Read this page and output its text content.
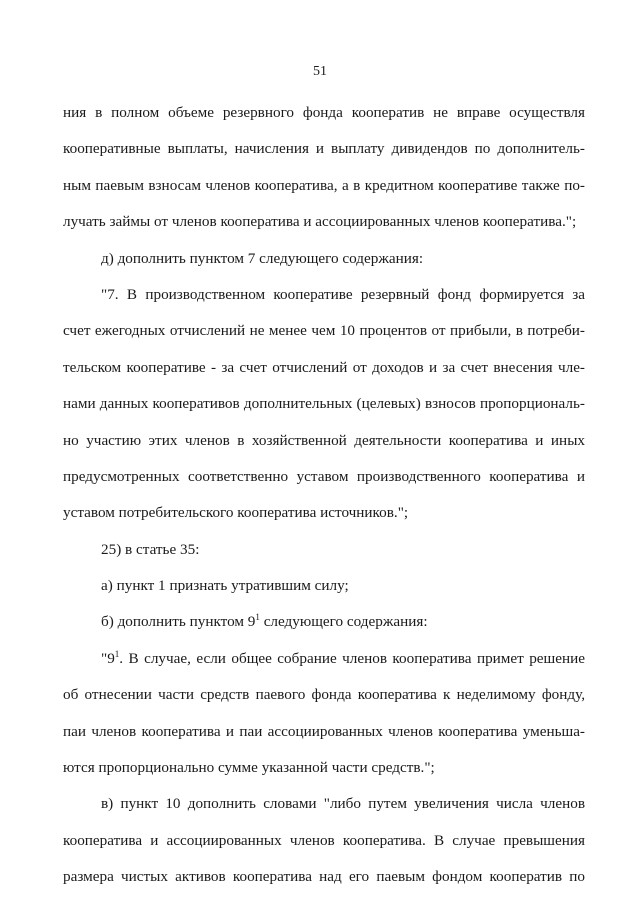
51
ния в полном объеме резервного фонда кооператив не вправе осуществля
кооперативные выплаты, начисления и выплату дивидендов по дополнитель-
ным паевым взносам членов кооператива, а в кредитном кооперативе также по-
лучать займы от членов кооператива и ассоциированных членов кооператива.";
д) дополнить пунктом 7 следующего содержания:
"7. В производственном кооперативе резервный фонд формируется за
счет ежегодных отчислений не менее чем 10 процентов от прибыли, в потреби-
тельском кооперативе - за счет отчислений от доходов и за счет внесения чле-
нами данных кооперативов дополнительных (целевых) взносов пропорциональ-
но участию этих членов в хозяйственной деятельности кооператива и иных
предусмотренных соответственно уставом производственного кооператива и
уставом потребительского кооператива источников.";
25) в статье 35:
а) пункт 1 признать утратившим силу;
б) дополнить пунктом $9^1$ следующего содержания:
"$9^1$. В случае, если общее собрание членов кооператива примет решение
об отнесении части средств паевого фонда кооператива к неделимому фонду,
паи членов кооператива и паи ассоциированных членов кооператива уменьша-
ются пропорционально сумме указанной части средств.";
в) пункт 10 дополнить словами "либо путем увеличения числа членов
кооператива и ассоциированных членов кооператива. В случае превышения
размера чистых активов кооператива над его паевым фондом кооператив по
